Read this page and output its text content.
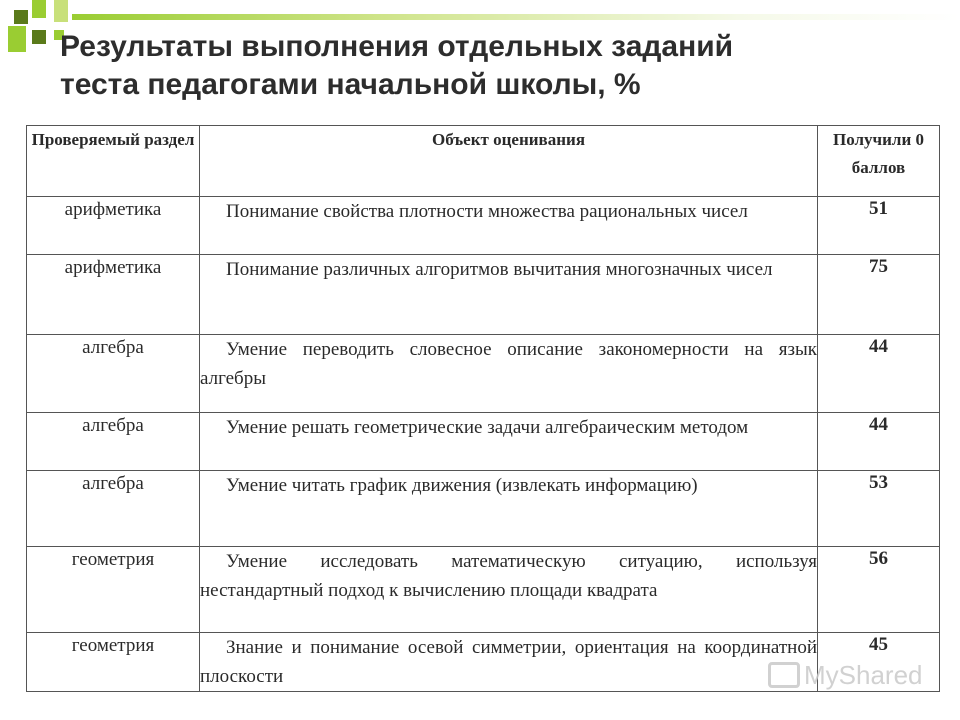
Результаты выполнения отдельных заданий
теста педагогами начальной школы, %
Проверяемый раздел	Объект оценивания	Получили 0 баллов
арифметика	Понимание свойства плотности множества рациональных чисел	51
арифметика	Понимание различных алгоритмов вычитания многозначных чисел	75
алгебра	Умение переводить словесное описание закономерности на язык алгебры	44
алгебра	Умение решать геометрические задачи алгебраическим методом	44
алгебра	Умение читать график движения (извлекать информацию)	53
геометрия	Умение исследовать математическую ситуацию, используя нестандартный подход к вычислению площади квадрата	56
геометрия	Знание и понимание осевой симметрии, ориентация на координатной плоскости	45
MyShared
